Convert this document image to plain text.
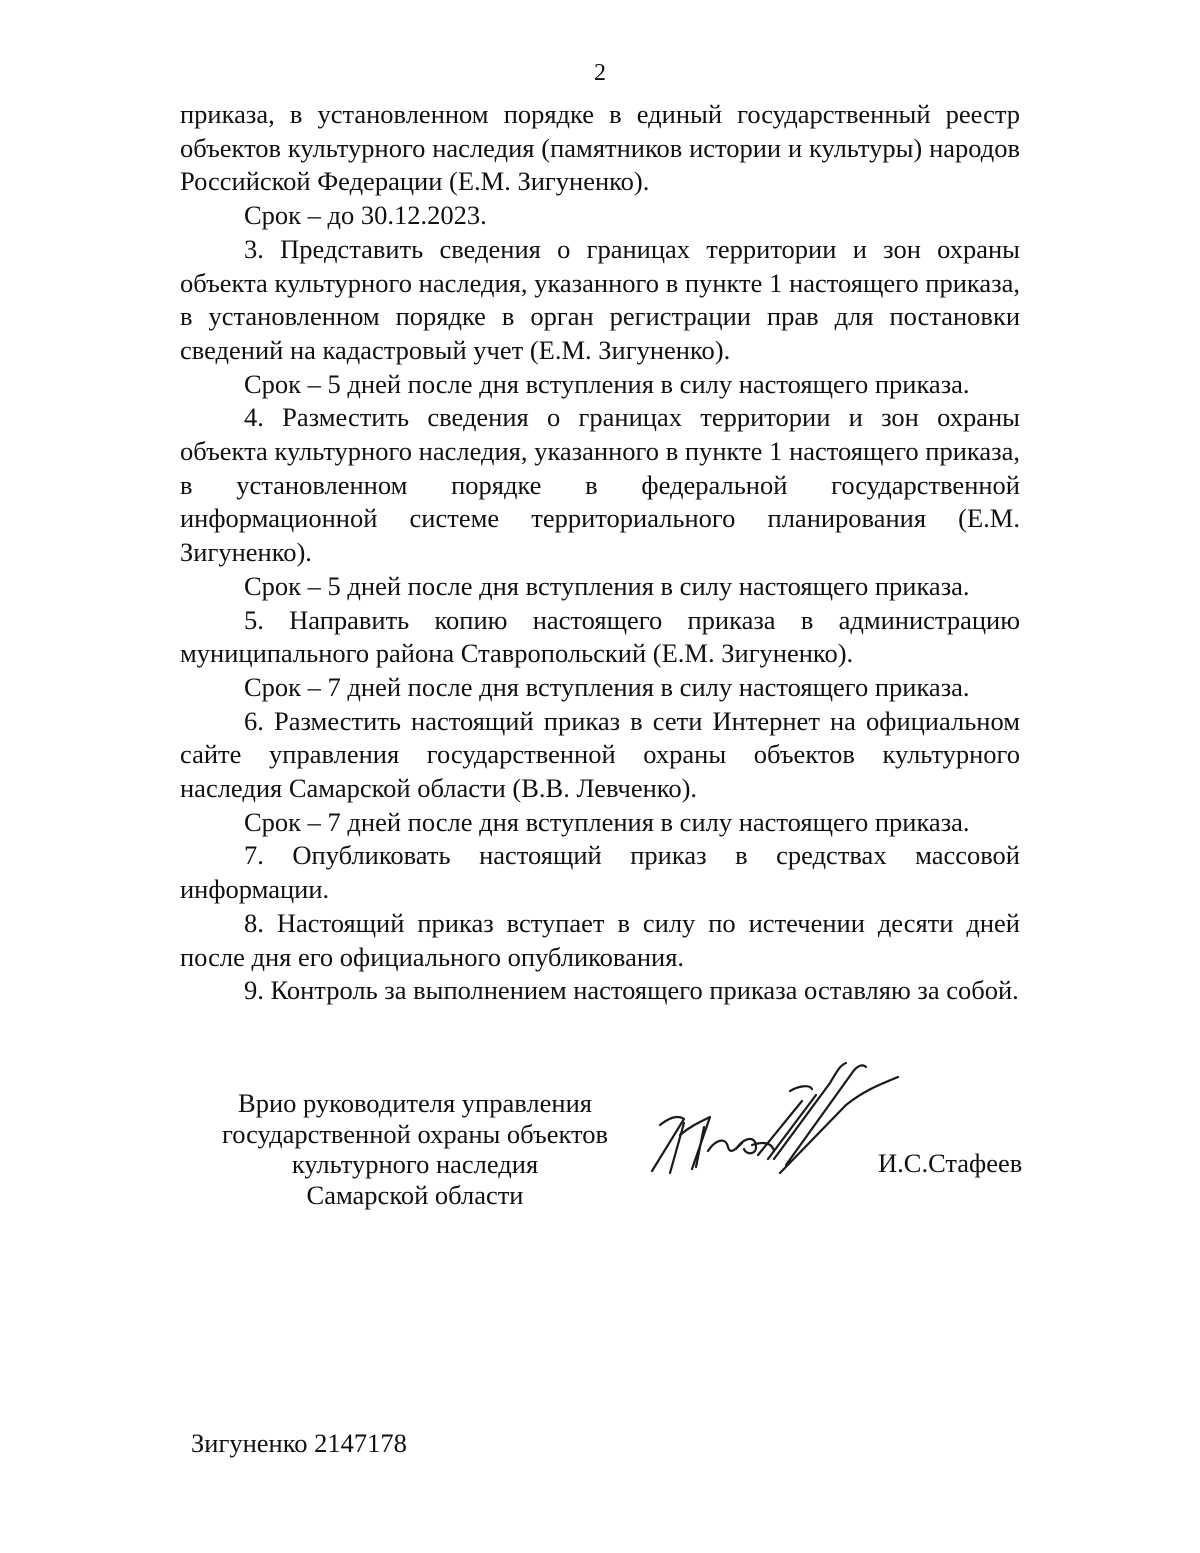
2

приказа, в установленном порядке в единый государственный реестр объектов культурного наследия (памятников истории и культуры) народов Российской Федерации (Е.М. Зигуненко).

Срок – до 30.12.2023.

3. Представить сведения о границах территории и зон охраны объекта культурного наследия, указанного в пункте 1 настоящего приказа, в установленном порядке в орган регистрации прав для постановки сведений на кадастровый учет (Е.М. Зигуненко).

Срок – 5 дней после дня вступления в силу настоящего приказа.

4. Разместить сведения о границах территории и зон охраны объекта культурного наследия, указанного в пункте 1 настоящего приказа, в установленном порядке в федеральной государственной информационной системе территориального планирования (Е.М. Зигуненко).

Срок – 5 дней после дня вступления в силу настоящего приказа.

5. Направить копию настоящего приказа в администрацию муниципального района Ставропольский (Е.М. Зигуненко).

Срок – 7 дней после дня вступления в силу настоящего приказа.

6. Разместить настоящий приказ в сети Интернет на официальном сайте управления государственной охраны объектов культурного наследия Самарской области (В.В. Левченко).

Срок – 7 дней после дня вступления в силу настоящего приказа.

7. Опубликовать настоящий приказ в средствах массовой информации.

8. Настоящий приказ вступает в силу по истечении десяти дней после дня его официального опубликования.

9. Контроль за выполнением настоящего приказа оставляю за собой.

Врио руководителя управления
государственной охраны объектов
культурного наследия
Самарской области
И.С.Стафеев
Зигуненко 2147178
